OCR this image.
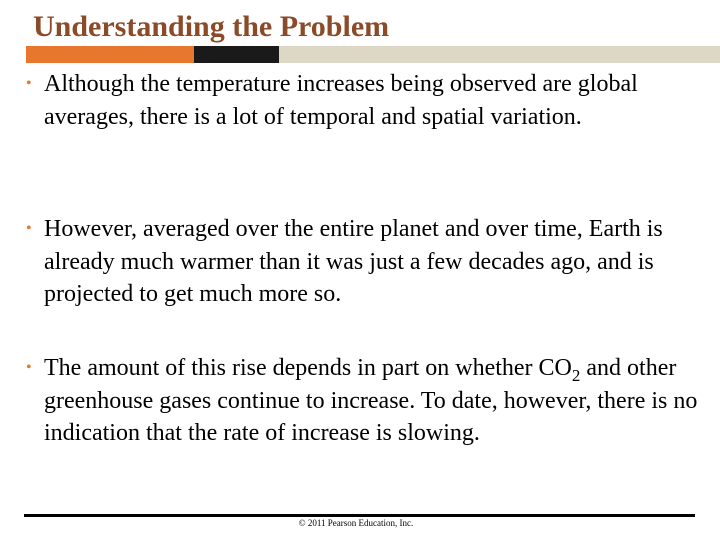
Understanding the Problem
• Although the temperature increases being observed are global averages, there is a lot of temporal and spatial variation.
• However, averaged over the entire planet and over time, Earth is already much warmer than it was just a few decades ago, and is projected to get much more so.
• The amount of this rise depends in part on whether $CO_2$ and other greenhouse gases continue to increase. To date, however, there is no indication that the rate of increase is slowing.
© 2011 Pearson Education, Inc.
